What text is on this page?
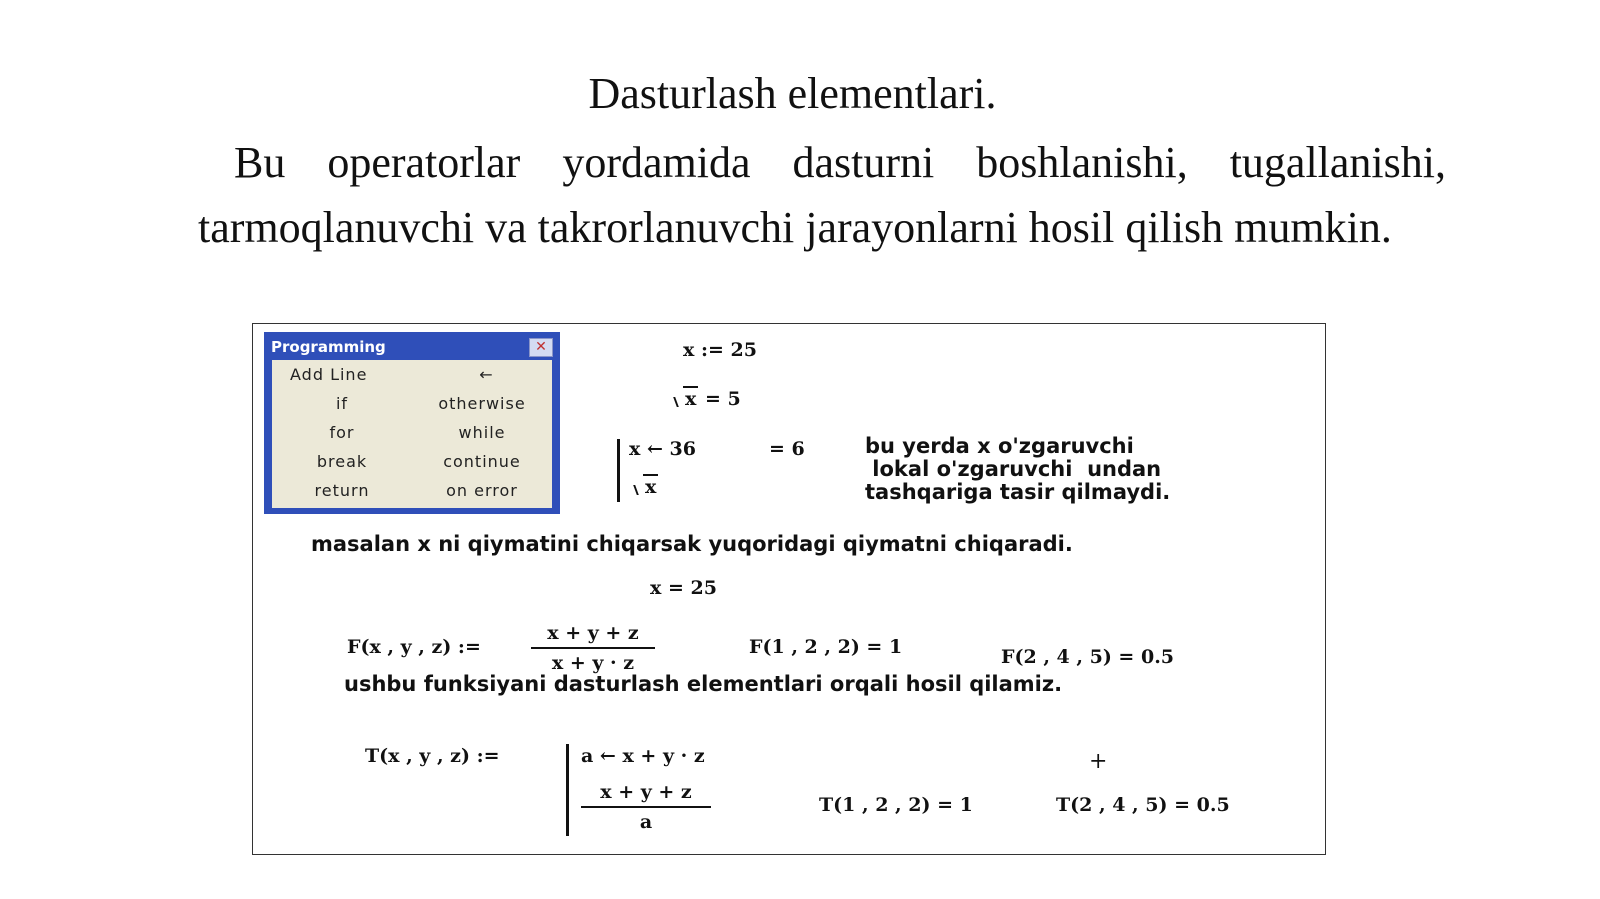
Dasturlash elementlari.
Bu operatorlar yordamida dasturni boshlanishi, tugallanishi, tarmoqlanuvchi va takrorlanuvchi jarayonlarni hosil qilish mumkin.
Programming	✕
Add Line	←
if	otherwise
for	while
break	continue
return	on error
x := 25
x = 5
x ← 36	= 6
x
bu yerda x o'zgaruvchi
lokal o'zgaruvchi  undan
tashqariga tasir qilmaydi.
masalan x ni qiymatini chiqarsak yuqoridagi qiymatni chiqaradi.
x = 25
F(x , y , z) :=
x + y + z
x + y · z
F(1 , 2 , 2) = 1	F(2 , 4 , 5) = 0.5
ushbu funksiyani dasturlash elementlari orqali hosil qilamiz.
T(x , y , z) :=	a ← x + y · z
x + y + z
a
+
T(1 , 2 , 2) = 1	T(2 , 4 , 5) = 0.5
